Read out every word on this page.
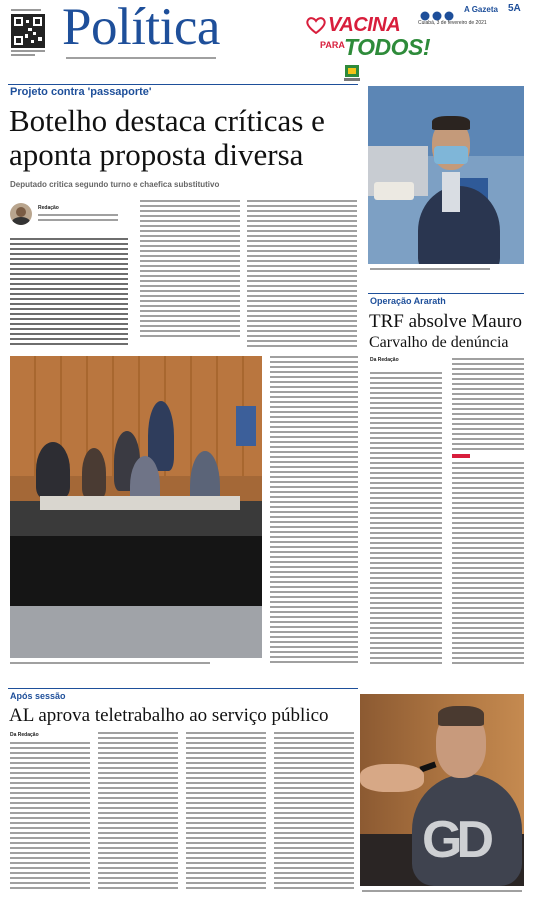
Política	VACINA
PARA TODOS!
A Gazeta 5A
Cuiabá, 3 de fevereiro de 2021
Projeto contra 'passaporte'
Botelho destaca críticas e
aponta proposta diversa
Deputado critica segundo turno e chaefica substitutivo
Redação
Operação Ararath
TRF absolve Mauro
Carvalho de denúncia
Da Redação
Após sessão
AL aprova teletrabalho ao serviço público
Da Redação
GD
